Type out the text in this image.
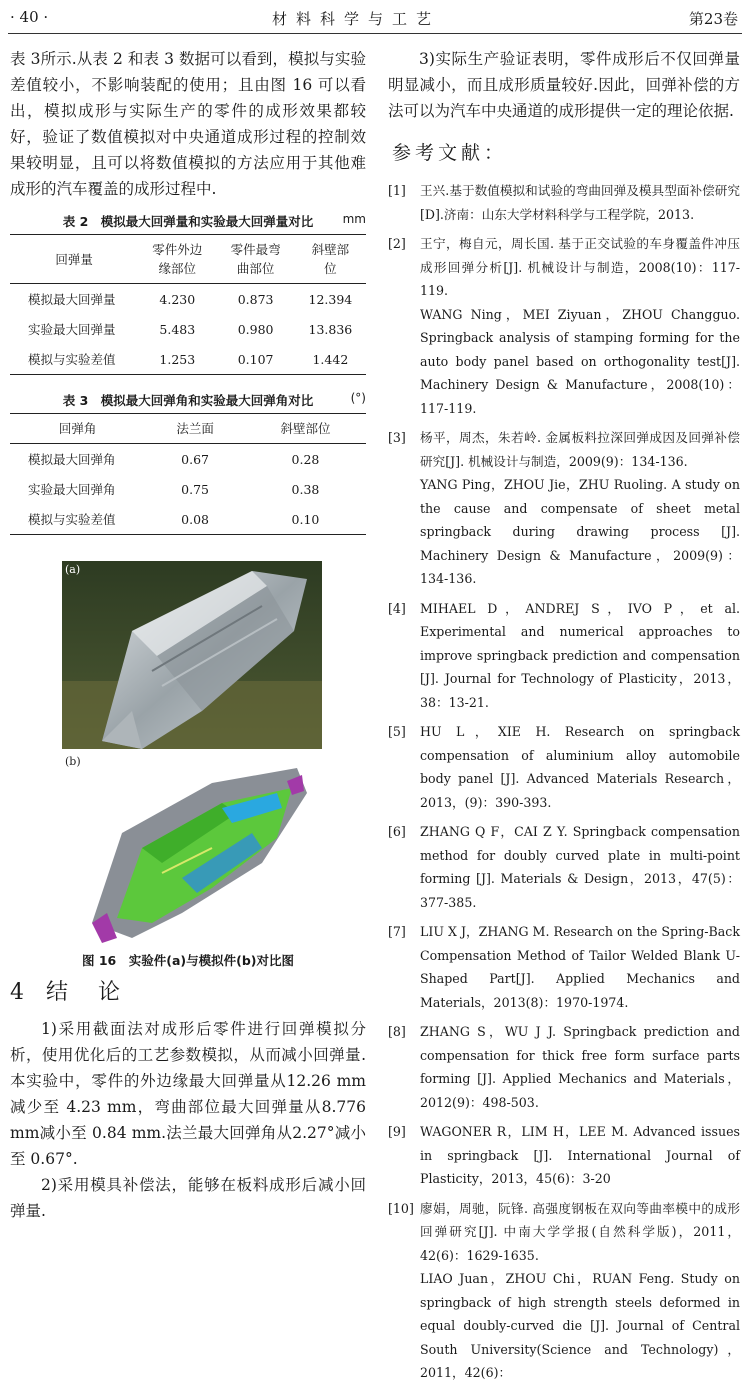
· 40 ·	材料科学与工艺	第23卷

表 3所示.从表 2 和表 3 数据可以看到，模拟与实验差值较小，不影响装配的使用；且由图 16 可以看出，模拟成形与实际生产的零件的成形效果都较好，验证了数值模拟对中央通道成形过程的控制效果较明显，且可以将数值模拟的方法应用于其他难成形的汽车覆盖的成形过程中.

表 2　模拟最大回弹量和实验最大回弹量对比 mm
回弹量	零件外边缘部位	零件最弯曲部位	斜壁部位
模拟最大回弹量	4.230	0.873	12.394
实验最大回弹量	5.483	0.980	13.836
模拟与实验差值	1.253	0.107	1.442
表 3　模拟最大回弹角和实验最大回弹角对比	(°)
回弹角	法兰面	斜壁部位
模拟最大回弹角	0.67	0.28
实验最大回弹角	0.75	0.38
模拟与实验差值	0.08	0.10
(a)
(b)
图 16　实验件(a)与模拟件(b)对比图
4 结　论

1)采用截面法对成形后零件进行回弹模拟分析，使用优化后的工艺参数模拟，从而减小回弹量.本实验中，零件的外边缘最大回弹量从12.26 mm减少至 4.23 mm，弯曲部位最大回弹量从8.776 mm减小至 0.84 mm.法兰最大回弹角从2.27°减小至 0.67°.

2)采用模具补偿法，能够在板料成形后减小回弹量.

3)实际生产验证表明，零件成形后不仅回弹量明显减小，而且成形质量较好.因此，回弹补偿的方法可以为汽车中央通道的成形提供一定的理论依据.

参考文献：
[1]	王兴.基于数值模拟和试验的弯曲回弹及模具型面补偿研究[D].济南：山东大学材料科学与工程学院，2013.
[2]	王宁，梅自元，周长国. 基于正交试验的车身覆盖件冲压成形回弹分析[J]. 机械设计与制造，2008(10)：117-119.
WANG Ning，MEI Ziyuan，ZHOU Changguo. Springback analysis of stamping forming for the auto body panel based on orthogonality test[J]. Machinery Design & Manufacture，2008(10)：117-119.
[3]	杨平，周杰，朱若岭. 金属板料拉深回弹成因及回弹补偿研究[J]. 机械设计与制造，2009(9)：134-136.
YANG Ping，ZHOU Jie，ZHU Ruoling. A study on the cause and compensate of sheet metal springback during drawing process [J]. Machinery Design & Manufacture，2009(9)：134-136.
[4]	MIHAEL D，ANDREJ S，IVO P，et al. Experimental and numerical approaches to improve springback prediction and compensation [J]. Journal for Technology of Plasticity，2013，38：13-21.
[5]	HU L，XIE H. Research on springback compensation of aluminium alloy automobile body panel [J]. Advanced Materials Research，2013，(9)：390-393.
[6]	ZHANG Q F，CAI Z Y. Springback compensation method for doubly curved plate in multi-point forming [J]. Materials & Design，2013，47(5)：377-385.
[7]	LIU X J，ZHANG M. Research on the Spring-Back Compensation Method of Tailor Welded Blank U-Shaped Part[J]. Applied Mechanics and Materials，2013(8)：1970-1974.
[8]	ZHANG S，WU J J. Springback prediction and compensation for thick free form surface parts forming [J]. Applied Mechanics and Materials，2012(9)：498-503.
[9]	WAGONER R，LIM H，LEE M. Advanced issues in springback [J]. International Journal of Plasticity，2013，45(6)：3-20
[10] 廖娟，周驰，阮锋. 高强度钢板在双向等曲率模中的成形回弹研究[J]. 中南大学学报(自然科学版)，2011，42(6)：1629-1635.
LIAO Juan，ZHOU Chi，RUAN Feng. Study on springback of high strength steels deformed in equal doubly-curved die [J]. Journal of Central South University(Science and Technology)，2011，42(6)：
